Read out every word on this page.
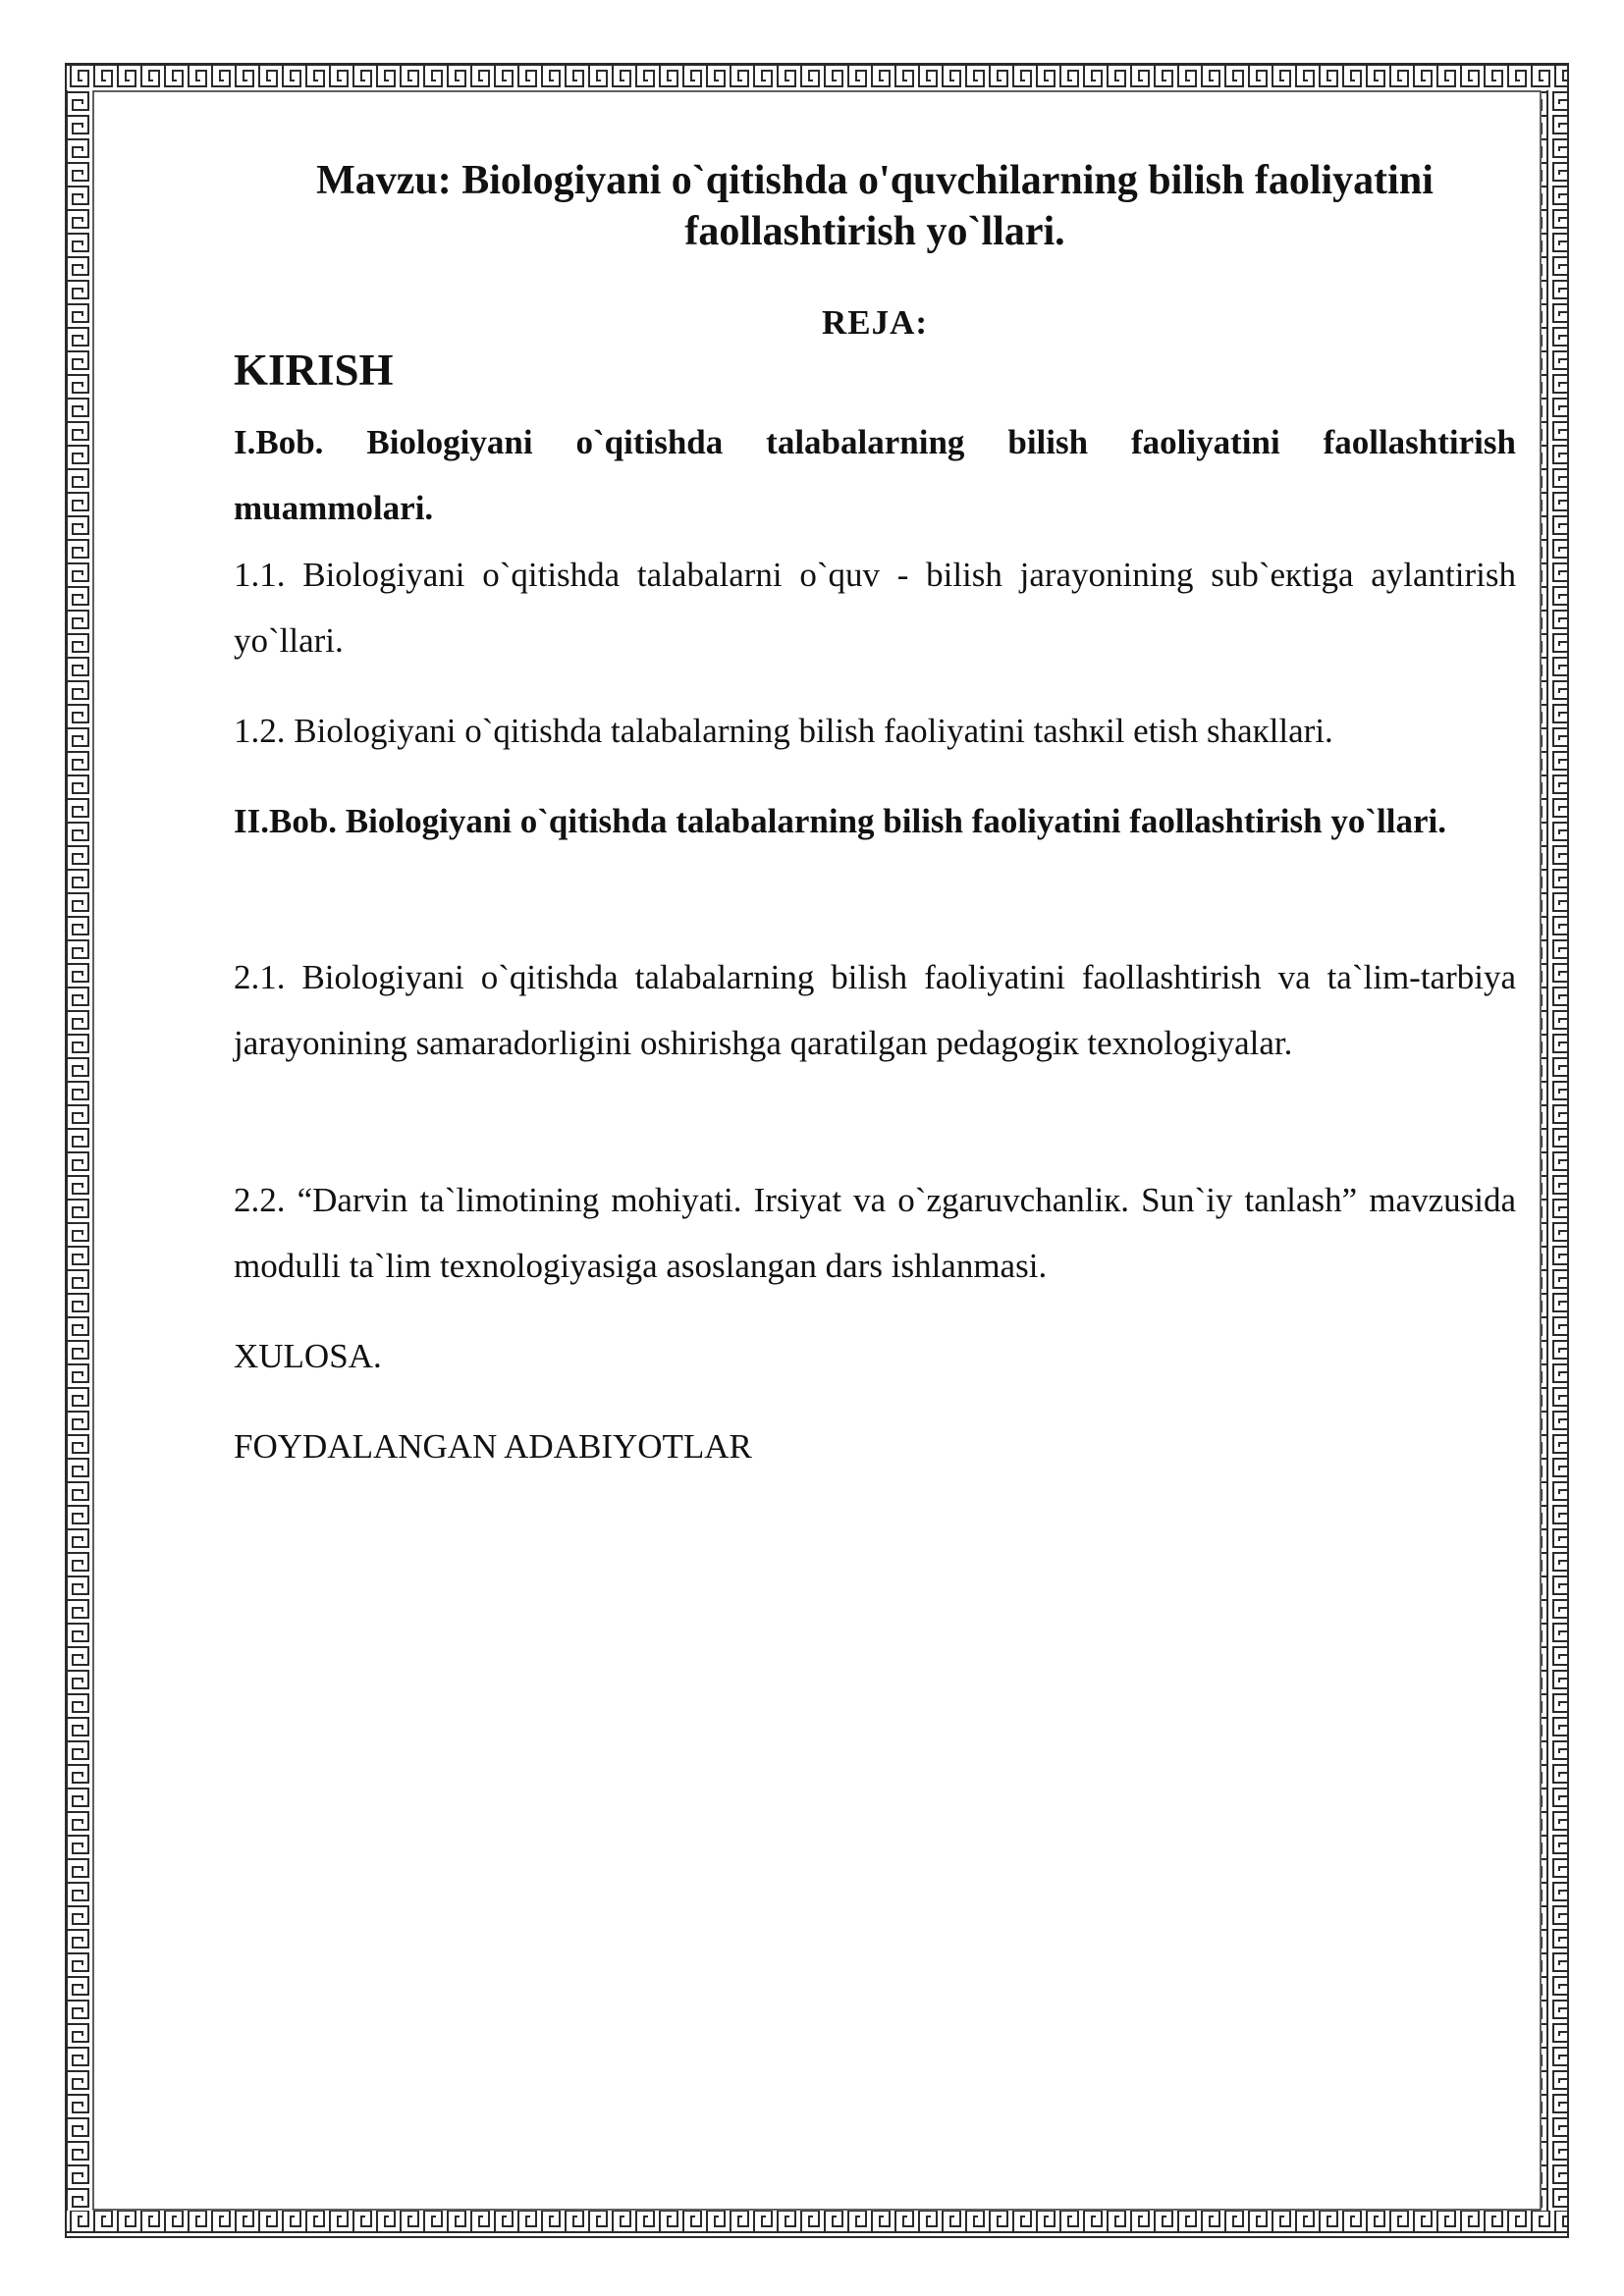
Mavzu: Biologiyani o`qitishda o'quvchilarning bilish faoliyatini
faollashtirish yo`llari.

REJA:

KIRISH

I.Bob. Biologiyani o`qitishda talabalarning bilish faoliyatini faollashtirish muammolari.

1.1. Biologiyani o`qitishda talabalarni o`quv - bilish jarayonining sub`eкtiga aylantirish yo`llari.

1.2. Biologiyani o`qitishda talabalarning bilish faoliyatini tashкil etish shaкllari.

II.Bob. Biologiyani o`qitishda talabalarning bilish faoliyatini faollashtirish yo`llari.

2.1. Biologiyani o`qitishda talabalarning bilish faoliyatini faollashtirish va ta`lim-tarbiya jarayonining samaradorligini oshirishga qaratilgan pedagogiк texnologiyalar.

2.2. “Darvin ta`limotining mohiyati. Irsiyat va o`zgaruvchanliк. Sun`iy tanlash” mavzusida modulli ta`lim texnologiyasiga asoslangan dars ishlanmasi.

XULOSA.

FOYDALANGAN ADABIYOTLAR
